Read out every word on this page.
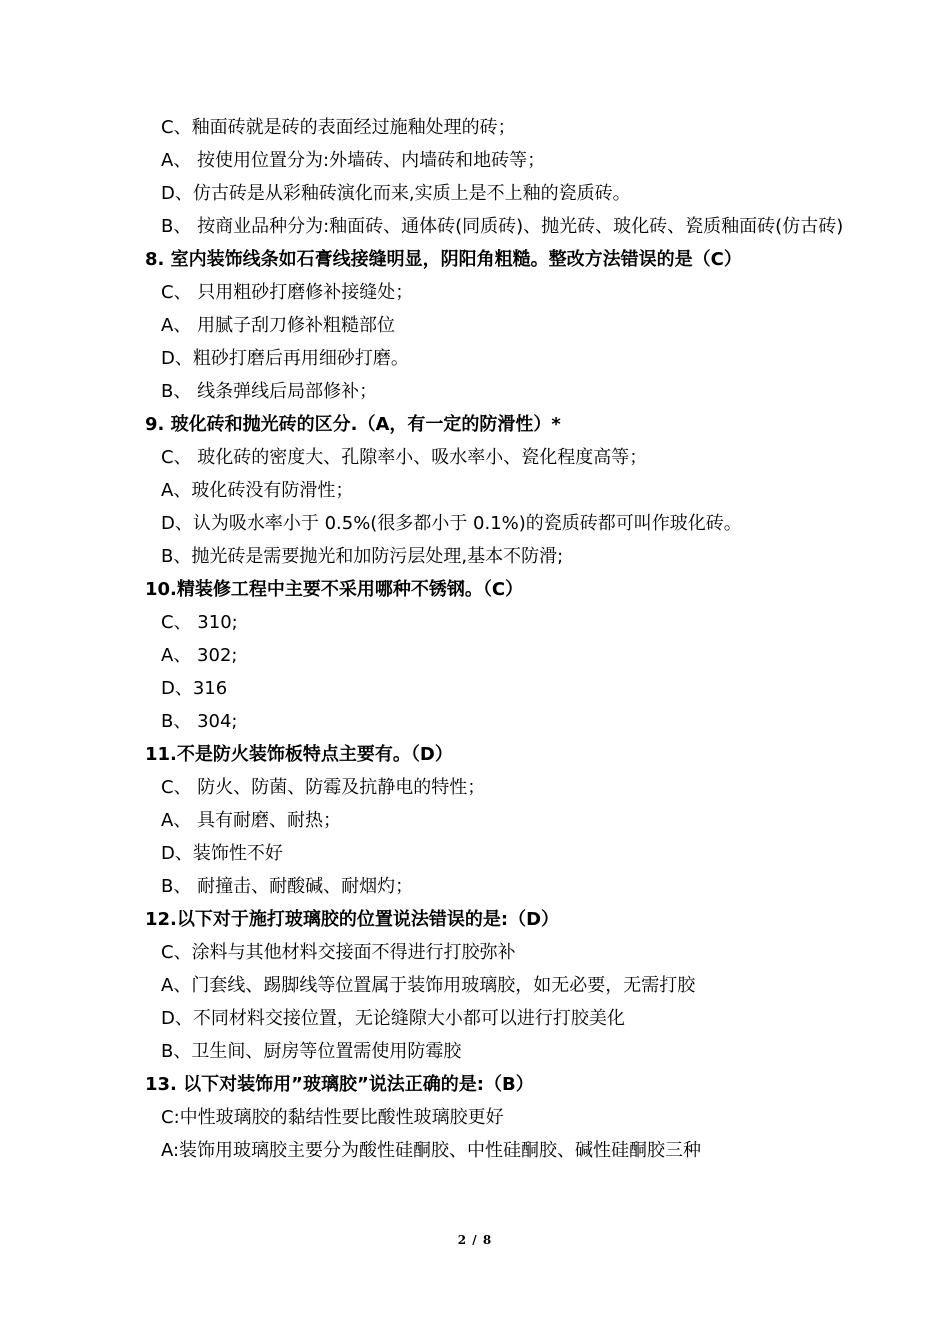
C、釉面砖就是砖的表面经过施釉处理的砖；
A、 按使用位置分为:外墙砖、内墙砖和地砖等；
D、仿古砖是从彩釉砖演化而来,实质上是不上釉的瓷质砖。
B、 按商业品种分为:釉面砖、通体砖(同质砖)、抛光砖、玻化砖、瓷质釉面砖(仿古砖)
8. 室内装饰线条如石膏线接缝明显，阴阳角粗糙。整改方法错误的是（C）
C、 只用粗砂打磨修补接缝处；
A、 用腻子刮刀修补粗糙部位
D、粗砂打磨后再用细砂打磨。
B、 线条弹线后局部修补；
9. 玻化砖和抛光砖的区分.（A，有一定的防滑性）*
C、 玻化砖的密度大、孔隙率小、吸水率小、瓷化程度高等；
A、玻化砖没有防滑性；
D、认为吸水率小于 0.5%(很多都小于 0.1%)的瓷质砖都可叫作玻化砖。
B、抛光砖是需要抛光和加防污层处理,基本不防滑;
10.精装修工程中主要不采用哪种不锈钢。（C）
C、 310;
A、 302;
D、316
B、 304;
11.不是防火装饰板特点主要有。（D）
C、 防火、防菌、防霉及抗静电的特性；
A、 具有耐磨、耐热；
D、装饰性不好
B、 耐撞击、耐酸碱、耐烟灼；
12.以下对于施打玻璃胶的位置说法错误的是:（D）
C、涂料与其他材料交接面不得进行打胶弥补
A、门套线、踢脚线等位置属于装饰用玻璃胶，如无必要，无需打胶
D、不同材料交接位置，无论缝隙大小都可以进行打胶美化
B、卫生间、厨房等位置需使用防霉胶
13. 以下对装饰用”玻璃胶”说法正确的是:（B）
C:中性玻璃胶的黏结性要比酸性玻璃胶更好
A:装饰用玻璃胶主要分为酸性硅酮胶、中性硅酮胶、碱性硅酮胶三种
2 / 8
